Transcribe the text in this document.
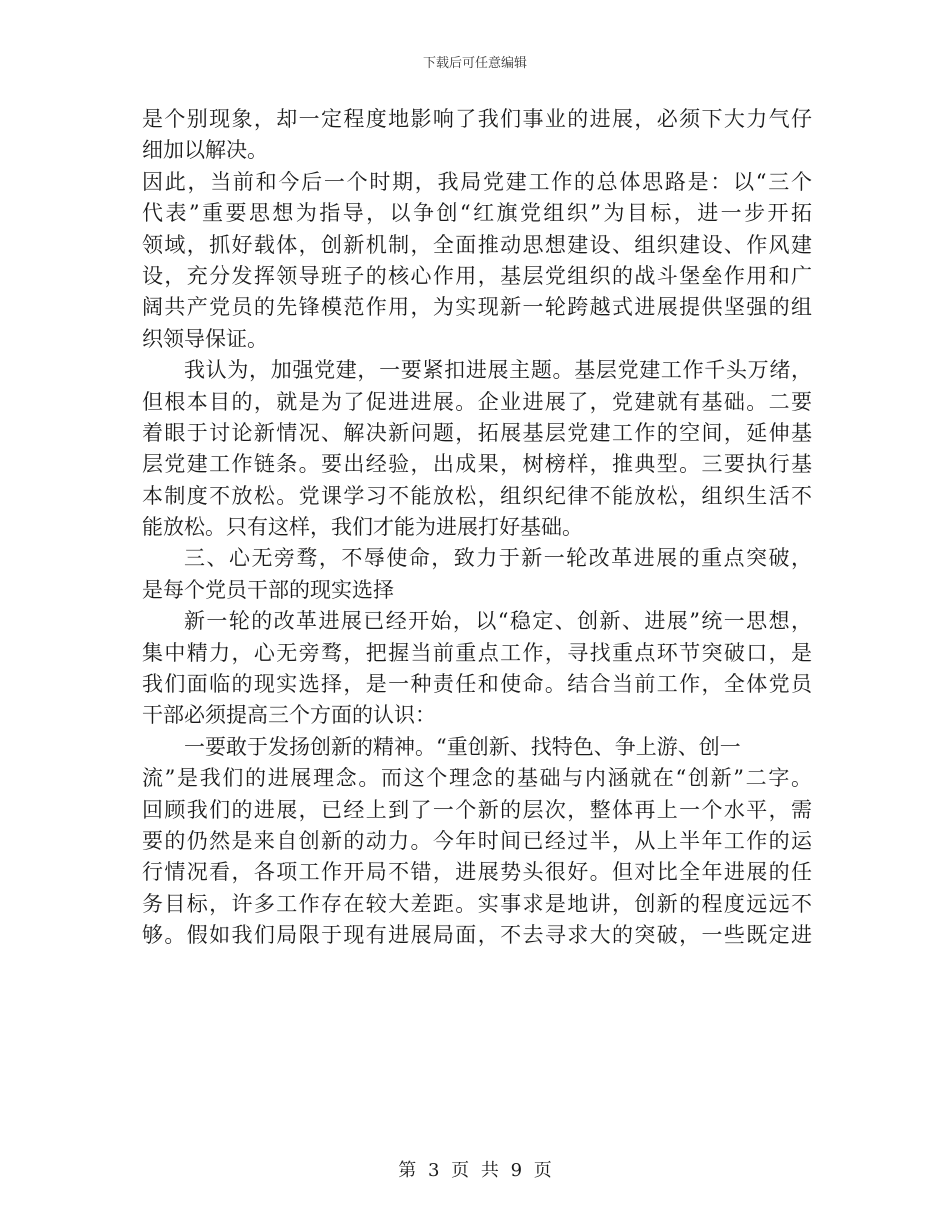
下载后可任意编辑
是个别现象，却一定程度地影响了我们事业的进展，必须下大力气仔
细加以解决。
因此，当前和今后一个时期，我局党建工作的总体思路是：以“三个
代表”重要思想为指导，以争创“红旗党组织”为目标，进一步开拓
领域，抓好载体，创新机制，全面推动思想建设、组织建设、作风建
设，充分发挥领导班子的核心作用，基层党组织的战斗堡垒作用和广
阔共产党员的先锋模范作用，为实现新一轮跨越式进展提供坚强的组
织领导保证。
我认为，加强党建，一要紧扣进展主题。基层党建工作千头万绪，
但根本目的，就是为了促进进展。企业进展了，党建就有基础。二要
着眼于讨论新情况、解决新问题，拓展基层党建工作的空间，延伸基
层党建工作链条。要出经验，出成果，树榜样，推典型。三要执行基
本制度不放松。党课学习不能放松，组织纪律不能放松，组织生活不
能放松。只有这样，我们才能为进展打好基础。
三、心无旁骛，不辱使命，致力于新一轮改革进展的重点突破，
是每个党员干部的现实选择
新一轮的改革进展已经开始，以“稳定、创新、进展”统一思想，
集中精力，心无旁骛，把握当前重点工作，寻找重点环节突破口，是
我们面临的现实选择，是一种责任和使命。结合当前工作，全体党员
干部必须提高三个方面的认识：
一要敢于发扬创新的精神。“重创新、找特色、争上游、创一
流”是我们的进展理念。而这个理念的基础与内涵就在“创新”二字。
回顾我们的进展，已经上到了一个新的层次，整体再上一个水平，需
要的仍然是来自创新的动力。今年时间已经过半，从上半年工作的运
行情况看，各项工作开局不错，进展势头很好。但对比全年进展的任
务目标，许多工作存在较大差距。实事求是地讲，创新的程度远远不
够。假如我们局限于现有进展局面，不去寻求大的突破，一些既定进
第 3 页 共 9 页
